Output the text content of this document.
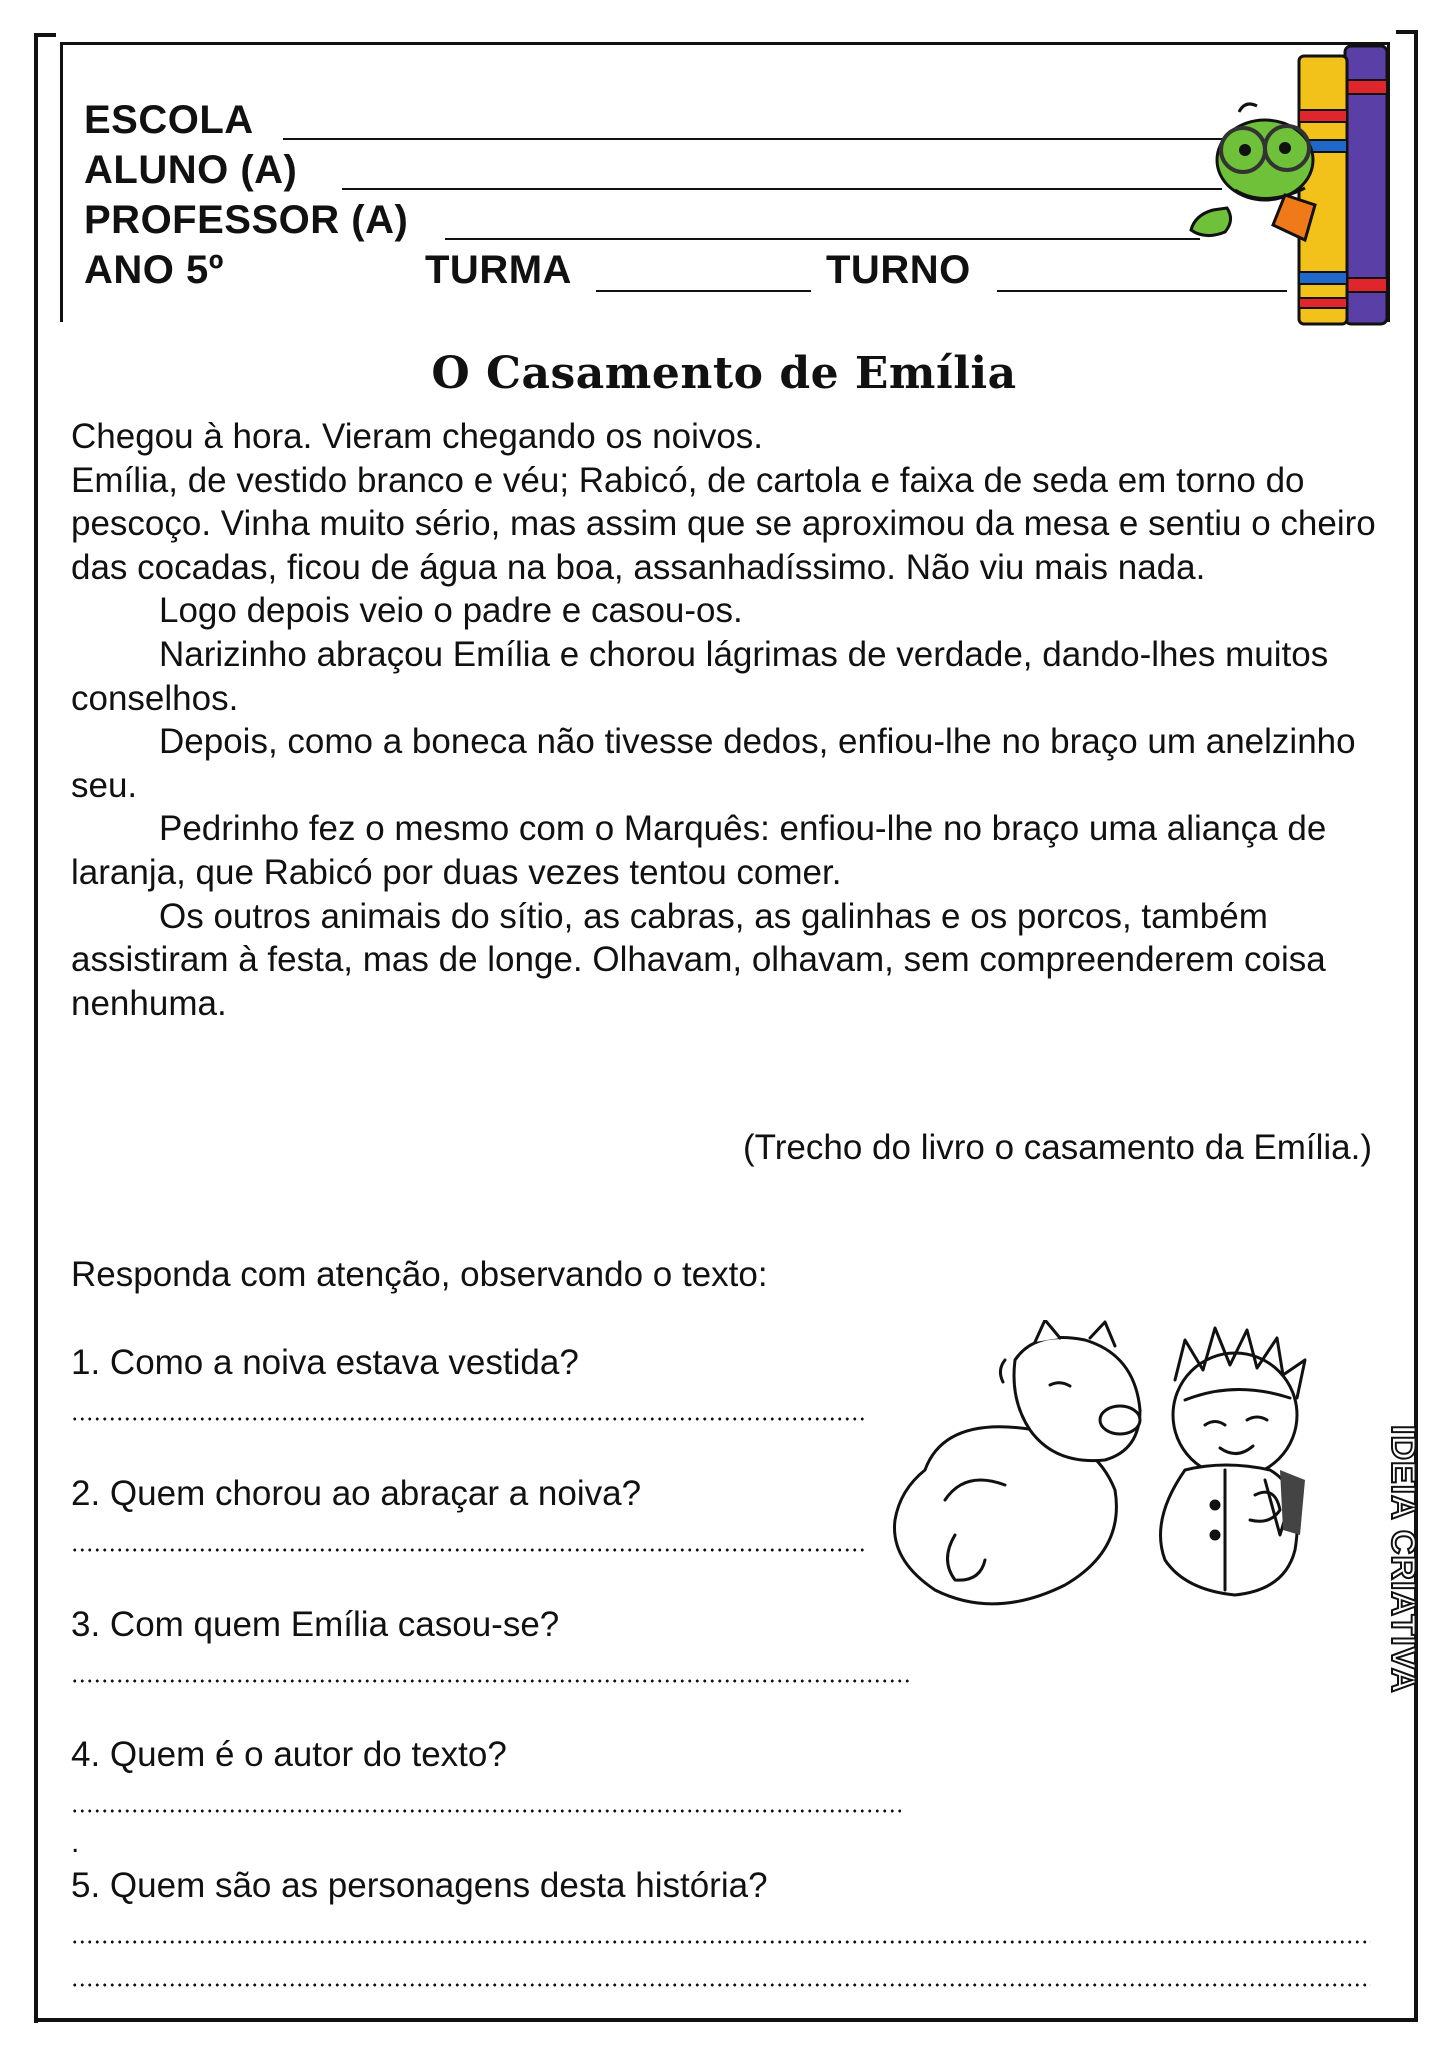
ESCOLA
ALUNO (A)
PROFESSOR (A)
ANO 5º	TURMA	TURNO
O Casamento de Emília

Chegou à hora. Vieram chegando os noivos.

Emília, de vestido branco e véu; Rabicó, de cartola e faixa de seda em torno do pescoço. Vinha muito sério, mas assim que se aproximou da mesa e sentiu o cheiro das cocadas, ficou de água na boa, assanhadíssimo. Não viu mais nada.

Logo depois veio o padre e casou-os.

Narizinho abraçou Emília e chorou lágrimas de verdade, dando-lhes muitos conselhos.

Depois, como a boneca não tivesse dedos, enfiou-lhe no braço um anelzinho seu.

Pedrinho fez o mesmo com o Marquês: enfiou-lhe no braço uma aliança de laranja, que Rabicó por duas vezes tentou comer.

Os outros animais do sítio, as cabras, as galinhas e os porcos, também assistiram à festa, mas de longe. Olhavam, olhavam, sem compreenderem coisa nenhuma.

(Trecho do livro o casamento da Emília.)
Responda com atenção, observando o texto:
1. Como a noiva estava vestida?
2. Quem chorou ao abraçar a noiva?
3. Com quem Emília casou-se?
4. Quem é o autor do texto?
.
5. Quem são as personagens desta história?
IDEIA CRIATIVA
